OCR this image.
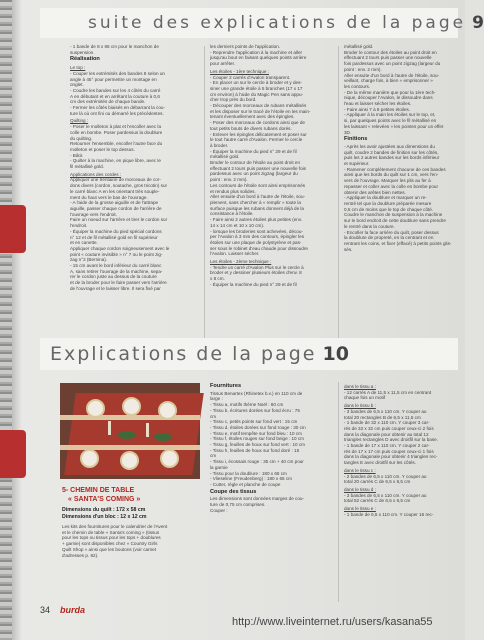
suite des explications de la page 9

- 1 bande de 8 x 65 cm pour le manchon de

suspension.

Réalisation

Le top :

- Couper les extrémités des bandes 8 selon un

angle à 45° pour permettre un montage en

onglet.

- Coudre les bandes sur les 4 côtés du carré

A en débutant et en arrêtant la couture à 0,6

cm des extrémités de chaque bande.

- Fermer les côtés biaisés en débarrant la cou-

ture là où ont fini ou démarré les précédentes.

Quilting :

- Poser le molleton à plat et l'encoller avec la

colle en bombe. Poser pardessus la doublure

du quilting.

Retourner l'ensemble, encoller l'autre face du

molleton et poser le top dessus.

- Bâtir.

- Quilter à la machine, en pique libre, avec le

fil métallisé gold.

Applications des cordes :

Appliquer une trentaine de morceaux de cor-

dons divers (cordon, soutache, gros tricotin) sur

le carré blanc A en les orientant très souple-

ment du haut vers le bas de l'ouvrage.

- A l'aide de la grosse aiguille et de l'attrape

aiguille, passer chaque cordon de l'arrière de

l'ouvrage vers l'endroit.

Faire un noeud sur l'arrière et tirer le cordon sur

l'endroit.

- Équiper la machine du pied spécial cordons

n° 12 et de fil métallisé gold en fil supérieur

et en canette.

Appliquer chaque cordon soigneusement avec le

point « couture invisible » n° 7 ou le point zig-

zag n°2 (Bernina).

- 15 cm avant le bord inférieur du carré blanc

A, sans retirer l'ouvrage de la machine, sepa-

rer le cordon juste au dessus de la couture

et de la broder pour le faire passer vers l'arrière

de l'ouvrage et le laisser libre. Il sera fixé par

les derniers points de l'application.

- Reprendre l'application à la machine et aller

jusqu'au bout en faisant quelques points arrière

pour arrêter.

Les étoiles - 1ère technique :

- Couper 2 carrés d'Avalon transparent.

- En placer un sur le cercle à broder et y des-

siner une grande étoile à 5 branches (17 x 17

cm environ) à l'aide du Magic Pen sans appu-

cher trop près du bord.

- Découper des morceaux de rubans métallisés

et les disposer sur le tracé de l'étoile en les main-

tenant éventuellement avec des épingles.

- Poser des morceaux de cordons ainsi que de

tout petits bouts de divers rubans dorés.

- Enlever les épingles délicatement et poser sur

le tout l'autre carré d'Avalon. Fermer le cercle

à broder.

- Équiper la machine du pied n° 29 et de fil

métallisé gold.

Broder le contour de l'étoile au point droit en

effectuant 2 tours puis passer une nouvelle fois

pardessus avec un point zigzag (largeur du

point : env. 2 mm).

Les contours de l'étoile sont ainsi emprisonnés

et rendus plus solides.

Aller ensuite d'un bord à l'autre de l'étoile, sou-

plement, sans chercher à « remplir » toute la

surface puisque les rubans donnent déjà de la

consistance à l'étoile.

- Faire ainsi 2 autres étoiles plus petites (env.

14 x 14 cm et 10 x 10 cm).

- lorsque les broderies sont achevées, décou-

per l'Avalon à 3 mm des contours, épingler les

étoiles sur une plaque de polystyrène et pas-

ser sous le robinet d'eau chaude pour dissoudre

l'Avalon. Laisser sécher.

Les étoiles - 2ème technique :

- Tendre un carré d'Avalon Plus sur le cercle à

broder et y dessiner plusieurs étoiles d'env. 8

x 8 cm.

- Équiper la machine du pied n° 29 et de fil

métallisé gold.

Broder le contour des étoiles au point droit en

effectuant 2 tours puis passer une nouvelle

fois pardessus avec un point zigzag (largeur du

point : env. 2 mm).

Aller ensuite d'un bord à l'autre de l'étoile, sou-

veillant, charge fois, à bien « emprisonner »

les contours.

- De la même manière que pour la 1ère tech-

nique, découper l'Avalon, le dissoudre dans

l'eau et laisser sécher les étoiles.

- Faire ainsi 7 à 8 petites étoiles.

- Appliquer à la main les étoiles sur le top, et,

si, par quelques points avec le fil métallisé en

les laissant « relevées » les pointes pour un effet

3D.

Finitions

- Après les avoir ajustées aux dimensions du

quilt, coudre 2 bandes de finition sur les côtés,

puis les 2 autres bandes sur les bords inférieur

et supérieur.

- Ramener complètement chacune de ces bandes

ainsi que les bords du quilt sur 1 cm, vers l'en-

vers de l'ouvrage. Marquer les plis au fer à

repasser et coller avec la colle en bombe pour

obtenir des arêtes bien nettes.

- Appliquer la doublure et marquer un re-

rentré tel que la doublure préparée mesure

0,5 cm de moins que le top de chaque côté.

Coudre le manchon de suspension à la machine

sur le bord endroit de cette doublure sans prendre

le rentré dans la couture.

- Encoller la face arrière du quilt, poser dessus

la doublure de propreté, en la centrant et en

rentrant les coins, et fixer (effacé) à petits points glis-

sés.

Explications de la page 10
5- CHEMIN DE TABLE
« SANTA'S COMING »
Dimensions du quilt : 172 x 58 cm
Dimensions d'un bloc : 12 x 12 cm

Les kits des fournitures pour le calendrier de l'Avent

et le chemin de table « Santa's coming » (tissus

pour les tops ou tissus pour les tops + doublures

+ garnie) sont disponibles chez « Country Girls

Quilt Shop » ainsi que les boutons (voir carnet

d'adresses p. 82).

Fournitures

Tissus Benartex (Rhinetex b.v.) en 110 cm de

large :

- Tissu a, motifs thème Noël : 60 cm

- Tissu b, écritures dorées sur fond écru : 75

cm

- Tissu c, petits points sur fond vert : 15 cm

- Tissu d, étoiles dorées sur fond rouge : 30 cm

- Tissu e, motif tempête sur fond bleu : 10 cm

- Tissu f, étoiles rouges sur fond beige : 10 cm

- Tissu g, feuilles de houx sur fond vert : 10 cm

- Tissu h, feuilles de houx sur fond doré : 15

cm

- Tissu i, écossais rouge : 35 cm + 40 cm pour

la garnie

- Tissu pour la doublure : 180 x 65 cm

- Vlieseline (Freudenberg) : 180 x 65 cm

- Cutter, règle et planche de coupe

Coupe des tissus

Les dimensions sont données marges de cou-

ture de 0,75 cm comprises.

Couper :

dans le tissu a :

- 12 carrés A de 11,5 x 11,5 cm en centrant

chaque fois un motif

dans le tissu b :

- 3 bandes de 6,5 x 110 cm. Y couper au

total 20 rectangles B de 6,5 x 11,5 cm

- 1 bande de 32 x 110 cm. Y couper 3 car-

rés de 32 x 32 cm puis couper ceux-ci 2 fois

dans la diagonale pour obtenir au total 12

triangles rectangles D avec droitfil sur la base.

- 1 bande de 17 x 110 cm. Y couper 2 car-

rés de 17 x 17 cm puis couper ceux-ci 1 fois

dans la diagonale pour obtenir 4 triangles rec-

tangles E avec droitfil sur les côtés.

dans le tissu c :

- 2 bandes de 6,5 x 110 cm. Y couper au

total 20 carrés C de 6,5 x 6,5 cm

dans le tissu d :

- 3 bandes de 6,5 x 110 cm. Y couper au

total 52 carrés C de 6,5 x 6,5 cm

dans le tissu e :

- 1 bande de 6,5 x 110 cm. Y couper 16 rec-

34 burda
http://www.liveinternet.ru/users/kasana55
